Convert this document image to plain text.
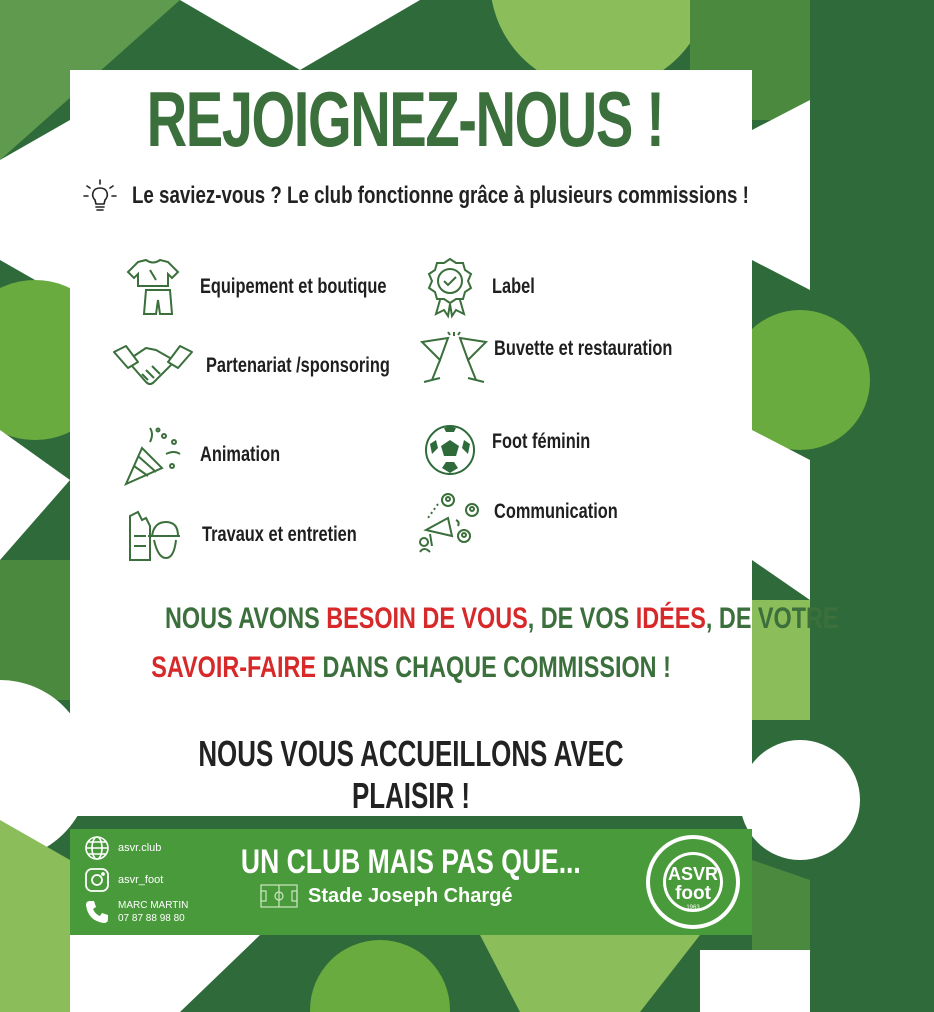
REJOIGNEZ-NOUS !
Le saviez-vous ? Le club fonctionne grâce à plusieurs commissions !
Equipement et boutique	Label
Partenariat /sponsoring
Buvette et restauration
Animation
Foot féminin
Travaux et entretien
Communication
NOUS AVONS BESOIN DE VOUS, DE VOS IDÉES, DE VOTRE
SAVOIR-FAIRE DANS CHAQUE COMMISSION !
NOUS VOUS ACCUEILLONS AVEC PLAISIR !
asvr.club
asvr_foot
MARC MARTIN
07 87 88 98 80
UN CLUB MAIS PAS QUE...
Stade Joseph Chargé
ASVR
foot
1963
